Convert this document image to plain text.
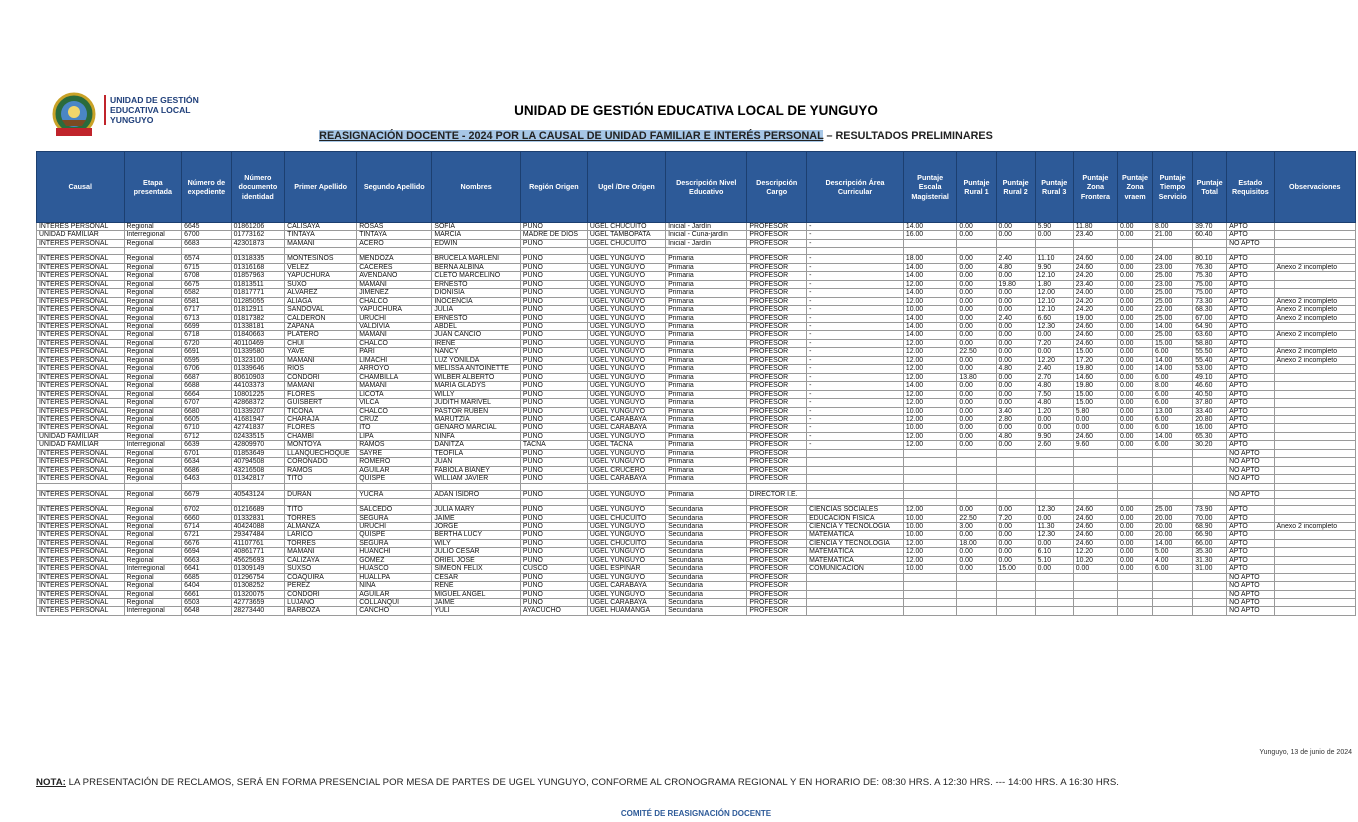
UNIDAD DE GESTIÓN
EDUCATIVA LOCAL
YUNGUYO
UNIDAD DE GESTIÓN EDUCATIVA LOCAL DE YUNGUYO
REASIGNACIÓN DOCENTE - 2024 POR LA CAUSAL DE UNIDAD FAMILIAR E INTERÉS PERSONAL – RESULTADOS PRELIMINARES
Causal	Etapa presentada	Número de expediente	Número documento identidad	Primer Apellido	Segundo Apellido	Nombres	Región Origen	Ugel /Dre Origen	Descripción Nivel Educativo	Descripción Cargo	Descripción Área Curricular	Puntaje Escala Magisterial	Puntaje Rural 1	Puntaje Rural 2	Puntaje Rural 3	Puntaje Zona Frontera	Puntaje Zona vraem	Puntaje Tiempo Servicio	Puntaje Total	Estado Requisitos	Observaciones
INTERÉS PERSONAL	Regional	6645	01861206	CALISAYA	ROSAS	SOFIA	PUNO	UGEL CHUCUITO	Inicial - Jardín	PROFESOR	-	14.00	0.00	0.00	5.90	11.80	0.00	8.00	39.70	APTO	
UNIDAD FAMILIAR	Interregional	6700	01773162	TINTAYA	TINTAYA	MARCIA	MADRE DE DIOS	UGEL TAMBOPATA	Inicial - Cuna-jardín	PROFESOR	-	16.00	0.00	0.00	0.00	23.40	0.00	21.00	60.40	APTO	
INTERÉS PERSONAL	Regional	6683	42301873	MAMANI	ACERO	EDWIN	PUNO	UGEL CHUCUITO	Inicial - Jardín	PROFESOR	-									NO APTO	

INTERÉS PERSONAL	Regional	6574	01318335	MONTESINOS	MENDOZA	BRUCELA MARLENI	PUNO	UGEL YUNGUYO	Primaria	PROFESOR	-	18.00	0.00	2.40	11.10	24.60	0.00	24.00	80.10	APTO	
INTERÉS PERSONAL	Regional	6715	01316168	VELEZ	CACERES	BERNA ALBINA	PUNO	UGEL YUNGUYO	Primaria	PROFESOR	-	14.00	0.00	4.80	9.90	24.60	0.00	23.00	76.30	APTO	Anexo 2 incompleto
INTERÉS PERSONAL	Regional	6708	01857963	YAPUCHURA	AVENDAÑO	CLETO MARCELINO	PUNO	UGEL YUNGUYO	Primaria	PROFESOR	-	14.00	0.00	0.00	12.10	24.20	0.00	25.00	75.30	APTO	
INTERÉS PERSONAL	Regional	6675	01813511	SUXO	MAMANI	ERNESTO	PUNO	UGEL YUNGUYO	Primaria	PROFESOR	-	12.00	0.00	19.80	1.80	23.40	0.00	23.00	75.00	APTO	
INTERÉS PERSONAL	Regional	6582	01817771	ALVAREZ	JIMENEZ	DIONISIA	PUNO	UGEL YUNGUYO	Primaria	PROFESOR	-	14.00	0.00	0.00	12.00	24.00	0.00	25.00	75.00	APTO	
INTERÉS PERSONAL	Regional	6581	01285055	ALIAGA	CHALCO	INOCENCIA	PUNO	UGEL YUNGUYO	Primaria	PROFESOR	-	12.00	0.00	0.00	12.10	24.20	0.00	25.00	73.30	APTO	Anexo 2 incompleto
INTERÉS PERSONAL	Regional	6717	01812911	SANDOVAL	YAPUCHURA	JULIA	PUNO	UGEL YUNGUYO	Primaria	PROFESOR	-	10.00	0.00	0.00	12.10	24.20	0.00	22.00	68.30	APTO	Anexo 2 incompleto
INTERÉS PERSONAL	Regional	6713	01817382	CALDERON	URUCHI	ERNESTO	PUNO	UGEL YUNGUYO	Primaria	PROFESOR	-	14.00	0.00	2.40	6.60	19.00	0.00	25.00	67.00	APTO	Anexo 2 incompleto
INTERÉS PERSONAL	Regional	6699	01338181	ZAPANA	VALDIVIA	ABDEL	PUNO	UGEL YUNGUYO	Primaria	PROFESOR	-	14.00	0.00	0.00	12.30	24.60	0.00	14.00	64.90	APTO	
INTERÉS PERSONAL	Regional	6718	01840663	PLATERO	MAMANI	JUAN CANCIO	PUNO	UGEL YUNGUYO	Primaria	PROFESOR	-	14.00	0.00	0.00	0.00	24.60	0.00	25.00	63.60	APTO	Anexo 2 incompleto
INTERÉS PERSONAL	Regional	6720	40110469	CHUI	CHALCO	IRENE	PUNO	UGEL YUNGUYO	Primaria	PROFESOR	-	12.00	0.00	0.00	7.20	24.60	0.00	15.00	58.80	APTO	
INTERÉS PERSONAL	Regional	6691	01339580	YAVE	PARI	NANCY	PUNO	UGEL YUNGUYO	Primaria	PROFESOR	-	12.00	22.50	0.00	0.00	15.00	0.00	6.00	55.50	APTO	Anexo 2 incompleto
INTERÉS PERSONAL	Regional	6595	01323100	MAMANI	LIMACHI	LUZ YONILDA	PUNO	UGEL YUNGUYO	Primaria	PROFESOR	-	12.00	0.00	0.00	12.20	17.20	0.00	14.00	55.40	APTO	Anexo 2 incompleto
INTERÉS PERSONAL	Regional	6706	01339646	RIOS	ARROYO	MELISSA ANTOINETTE	PUNO	UGEL YUNGUYO	Primaria	PROFESOR	-	12.00	0.00	4.80	2.40	19.80	0.00	14.00	53.00	APTO	
INTERÉS PERSONAL	Regional	6687	80610903	CONDORI	CHAMBILLA	WILBER ALBERTO	PUNO	UGEL YUNGUYO	Primaria	PROFESOR	-	12.00	13.80	0.00	2.70	14.60	0.00	6.00	49.10	APTO	
INTERÉS PERSONAL	Regional	6688	44103373	MAMANI	MAMANI	MARIA GLADYS	PUNO	UGEL YUNGUYO	Primaria	PROFESOR	-	14.00	0.00	0.00	4.80	19.80	0.00	8.00	46.60	APTO	
INTERÉS PERSONAL	Regional	6664	10801225	FLORES	LICOTA	WILLY	PUNO	UGEL YUNGUYO	Primaria	PROFESOR	-	12.00	0.00	0.00	7.50	15.00	0.00	6.00	40.50	APTO	
INTERÉS PERSONAL	Regional	6707	42868372	GUISBERT	VILCA	JUDITH MARIVEL	PUNO	UGEL YUNGUYO	Primaria	PROFESOR	-	12.00	0.00	0.00	4.80	15.00	0.00	6.00	37.80	APTO	
INTERÉS PERSONAL	Regional	6680	01339207	TICONA	CHALCO	PASTOR RUBEN	PUNO	UGEL YUNGUYO	Primaria	PROFESOR	-	10.00	0.00	3.40	1.20	5.80	0.00	13.00	33.40	APTO	
INTERÉS PERSONAL	Regional	6605	41681947	CHARAJA	CRUZ	MARUTZIA	PUNO	UGEL CARABAYA	Primaria	PROFESOR	-	12.00	0.00	2.80	0.00	0.00	0.00	6.00	20.80	APTO	
INTERÉS PERSONAL	Regional	6710	42741837	FLORES	ITO	GENARO MARCIAL	PUNO	UGEL CARABAYA	Primaria	PROFESOR	-	10.00	0.00	0.00	0.00	0.00	0.00	6.00	16.00	APTO	
UNIDAD FAMILIAR	Regional	6712	02433515	CHAMBI	LIPA	NINFA	PUNO	UGEL YUNGUYO	Primaria	PROFESOR	-	12.00	0.00	4.80	9.90	24.60	0.00	14.00	65.30	APTO	
UNIDAD FAMILIAR	Interregional	6639	42809970	MONTOYA	RAMOS	DANITZA	TACNA	UGEL TACNA	Primaria	PROFESOR	-	12.00	0.00	0.00	2.60	9.60	0.00	6.00	30.20	APTO	
INTERÉS PERSONAL	Regional	6701	01853649	LLANQUECHOQUE	SAYRE	TEOFILA	PUNO	UGEL YUNGUYO	Primaria	PROFESOR										NO APTO	
INTERÉS PERSONAL	Regional	6634	40794508	CORONADO	ROMERO	JUAN	PUNO	UGEL YUNGUYO	Primaria	PROFESOR										NO APTO	
INTERÉS PERSONAL	Regional	6686	43216508	RAMOS	AGUILAR	FABIOLA BIANEY	PUNO	UGEL CRUCERO	Primaria	PROFESOR										NO APTO	
INTERÉS PERSONAL	Regional	6463	01342817	TITO	QUISPE	WILLIAM JAVIER	PUNO	UGEL CARABAYA	Primaria	PROFESOR										NO APTO	

INTERÉS PERSONAL	Regional	6679	40543124	DURAN	YUCRA	ADAN ISIDRO	PUNO	UGEL YUNGUYO	Primaria	DIRECTOR I.E.										NO APTO	

INTERÉS PERSONAL	Regional	6702	01216689	TITO	SALCEDO	JULIA MARY	PUNO	UGEL YUNGUYO	Secundaria	PROFESOR	CIENCIAS SOCIALES	12.00	0.00	0.00	12.30	24.60	0.00	25.00	73.90	APTO	
INTERÉS PERSONAL	Regional	6660	01332831	TORRES	SEGURA	JAIME	PUNO	UGEL CHUCUITO	Secundaria	PROFESOR	EDUCACIÓN FÍSICA	10.00	22.50	7.20	0.00	24.60	0.00	20.00	70.00	APTO	
INTERÉS PERSONAL	Regional	6714	40424088	ALMANZA	URUCHI	JORGE	PUNO	UGEL YUNGUYO	Secundaria	PROFESOR	CIENCIA Y TECNOLOGÍA	10.00	3.00	0.00	11.30	24.60	0.00	20.00	68.90	APTO	Anexo 2 incompleto
INTERÉS PERSONAL	Regional	6721	29347484	LARICO	QUISPE	BERTHA LUCY	PUNO	UGEL YUNGUYO	Secundaria	PROFESOR	MATEMÁTICA	10.00	0.00	0.00	12.30	24.60	0.00	20.00	66.90	APTO	
INTERÉS PERSONAL	Regional	6676	41107761	TORRES	SEGURA	WILY	PUNO	UGEL CHUCUITO	Secundaria	PROFESOR	CIENCIA Y TECNOLOGÍA	12.00	18.00	0.00	0.00	24.60	0.00	14.00	66.00	APTO	
INTERÉS PERSONAL	Regional	6694	40861771	MAMANI	HUANCHI	JULIO CESAR	PUNO	UGEL YUNGUYO	Secundaria	PROFESOR	MATEMÁTICA	12.00	0.00	0.00	6.10	12.20	0.00	5.00	35.30	APTO	
INTERÉS PERSONAL	Regional	6663	45625693	CALIZAYA	GOMEZ	ORIEL JOSE	PUNO	UGEL YUNGUYO	Secundaria	PROFESOR	MATEMÁTICA	12.00	0.00	0.00	5.10	10.20	0.00	4.00	31.30	APTO	
INTERÉS PERSONAL	Interregional	6641	01309149	SUXSO	HUASCO	SIMEON FELIX	CUSCO	UGEL ESPINAR	Secundaria	PROFESOR	COMUNICACIÓN	10.00	0.00	15.00	0.00	0.00	0.00	6.00	31.00	APTO	
INTERÉS PERSONAL	Regional	6685	01296754	COAQUIRA	HUALLPA	CESAR	PUNO	UGEL YUNGUYO	Secundaria	PROFESOR										NO APTO	
INTERÉS PERSONAL	Regional	6404	01308252	PEREZ	NINA	RENE	PUNO	UGEL CARABAYA	Secundaria	PROFESOR										NO APTO	
INTERÉS PERSONAL	Regional	6661	01320075	CONDORI	AGUILAR	MIGUEL ANGEL	PUNO	UGEL YUNGUYO	Secundaria	PROFESOR										NO APTO	
INTERÉS PERSONAL	Regional	6503	42773659	LUJANO	COLLANQUI	JAIME	PUNO	UGEL CARABAYA	Secundaria	PROFESOR										NO APTO	
INTERÉS PERSONAL	Interregional	6648	28273440	BARBOZA	CANCHO	YULI	AYACUCHO	UGEL HUAMANGA	Secundaria	PROFESOR										NO APTO	
Yunguyo, 13 de junio de 2024
NOTA: LA PRESENTACIÓN DE RECLAMOS, SERÁ EN FORMA PRESENCIAL POR MESA DE PARTES DE UGEL YUNGUYO, CONFORME AL CRONOGRAMA REGIONAL Y EN HORARIO DE: 08:30 HRS. A 12:30 HRS. --- 14:00 HRS. A 16:30 HRS.
COMITÉ DE REASIGNACIÓN DOCENTE
